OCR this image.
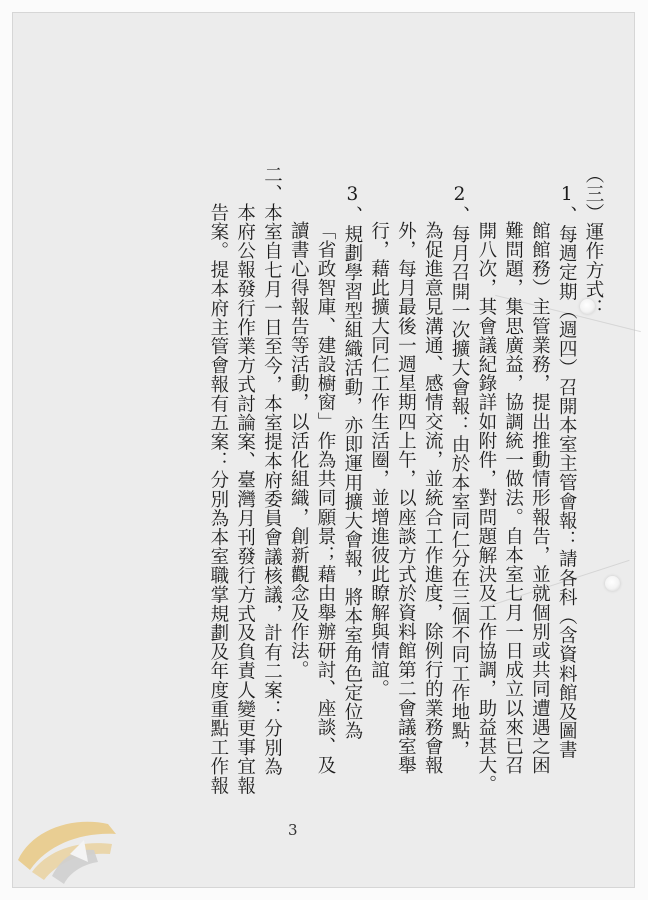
（三）運作方式：
1、每週定期（週四）召開本室主管會報：請各科（含資料館及圖書
館館務）主管業務，提出推動情形報告，並就個別或共同遭遇之困
難問題，集思廣益，協調統一做法。自本室七月一日成立以來已召
開八次，其會議紀錄詳如附件，對問題解決及工作協調，助益甚大。
2、每月召開一次擴大會報：由於本室同仁分在三個不同工作地點，
為促進意見溝通、感情交流，並統合工作進度，除例行的業務會報
外，每月最後一週星期四上午，以座談方式於資料館第二會議室舉
行，藉此擴大同仁工作生活圈，並增進彼此瞭解與情誼。
3、規劃學習型組織活動，亦即運用擴大會報，將本室角色定位為
「省政智庫、建設櫥窗」作為共同願景；藉由舉辦研討、座談、及
讀書心得報告等活動，以活化組織，創新觀念及作法。
二、本室自七月一日至今，本室提本府委員會議核議，計有二案：分別為
本府公報發行作業方式討論案、臺灣月刊發行方式及負責人變更事宜報
告案。提本府主管會報有五案：分別為本室職掌規劃及年度重點工作報
3
